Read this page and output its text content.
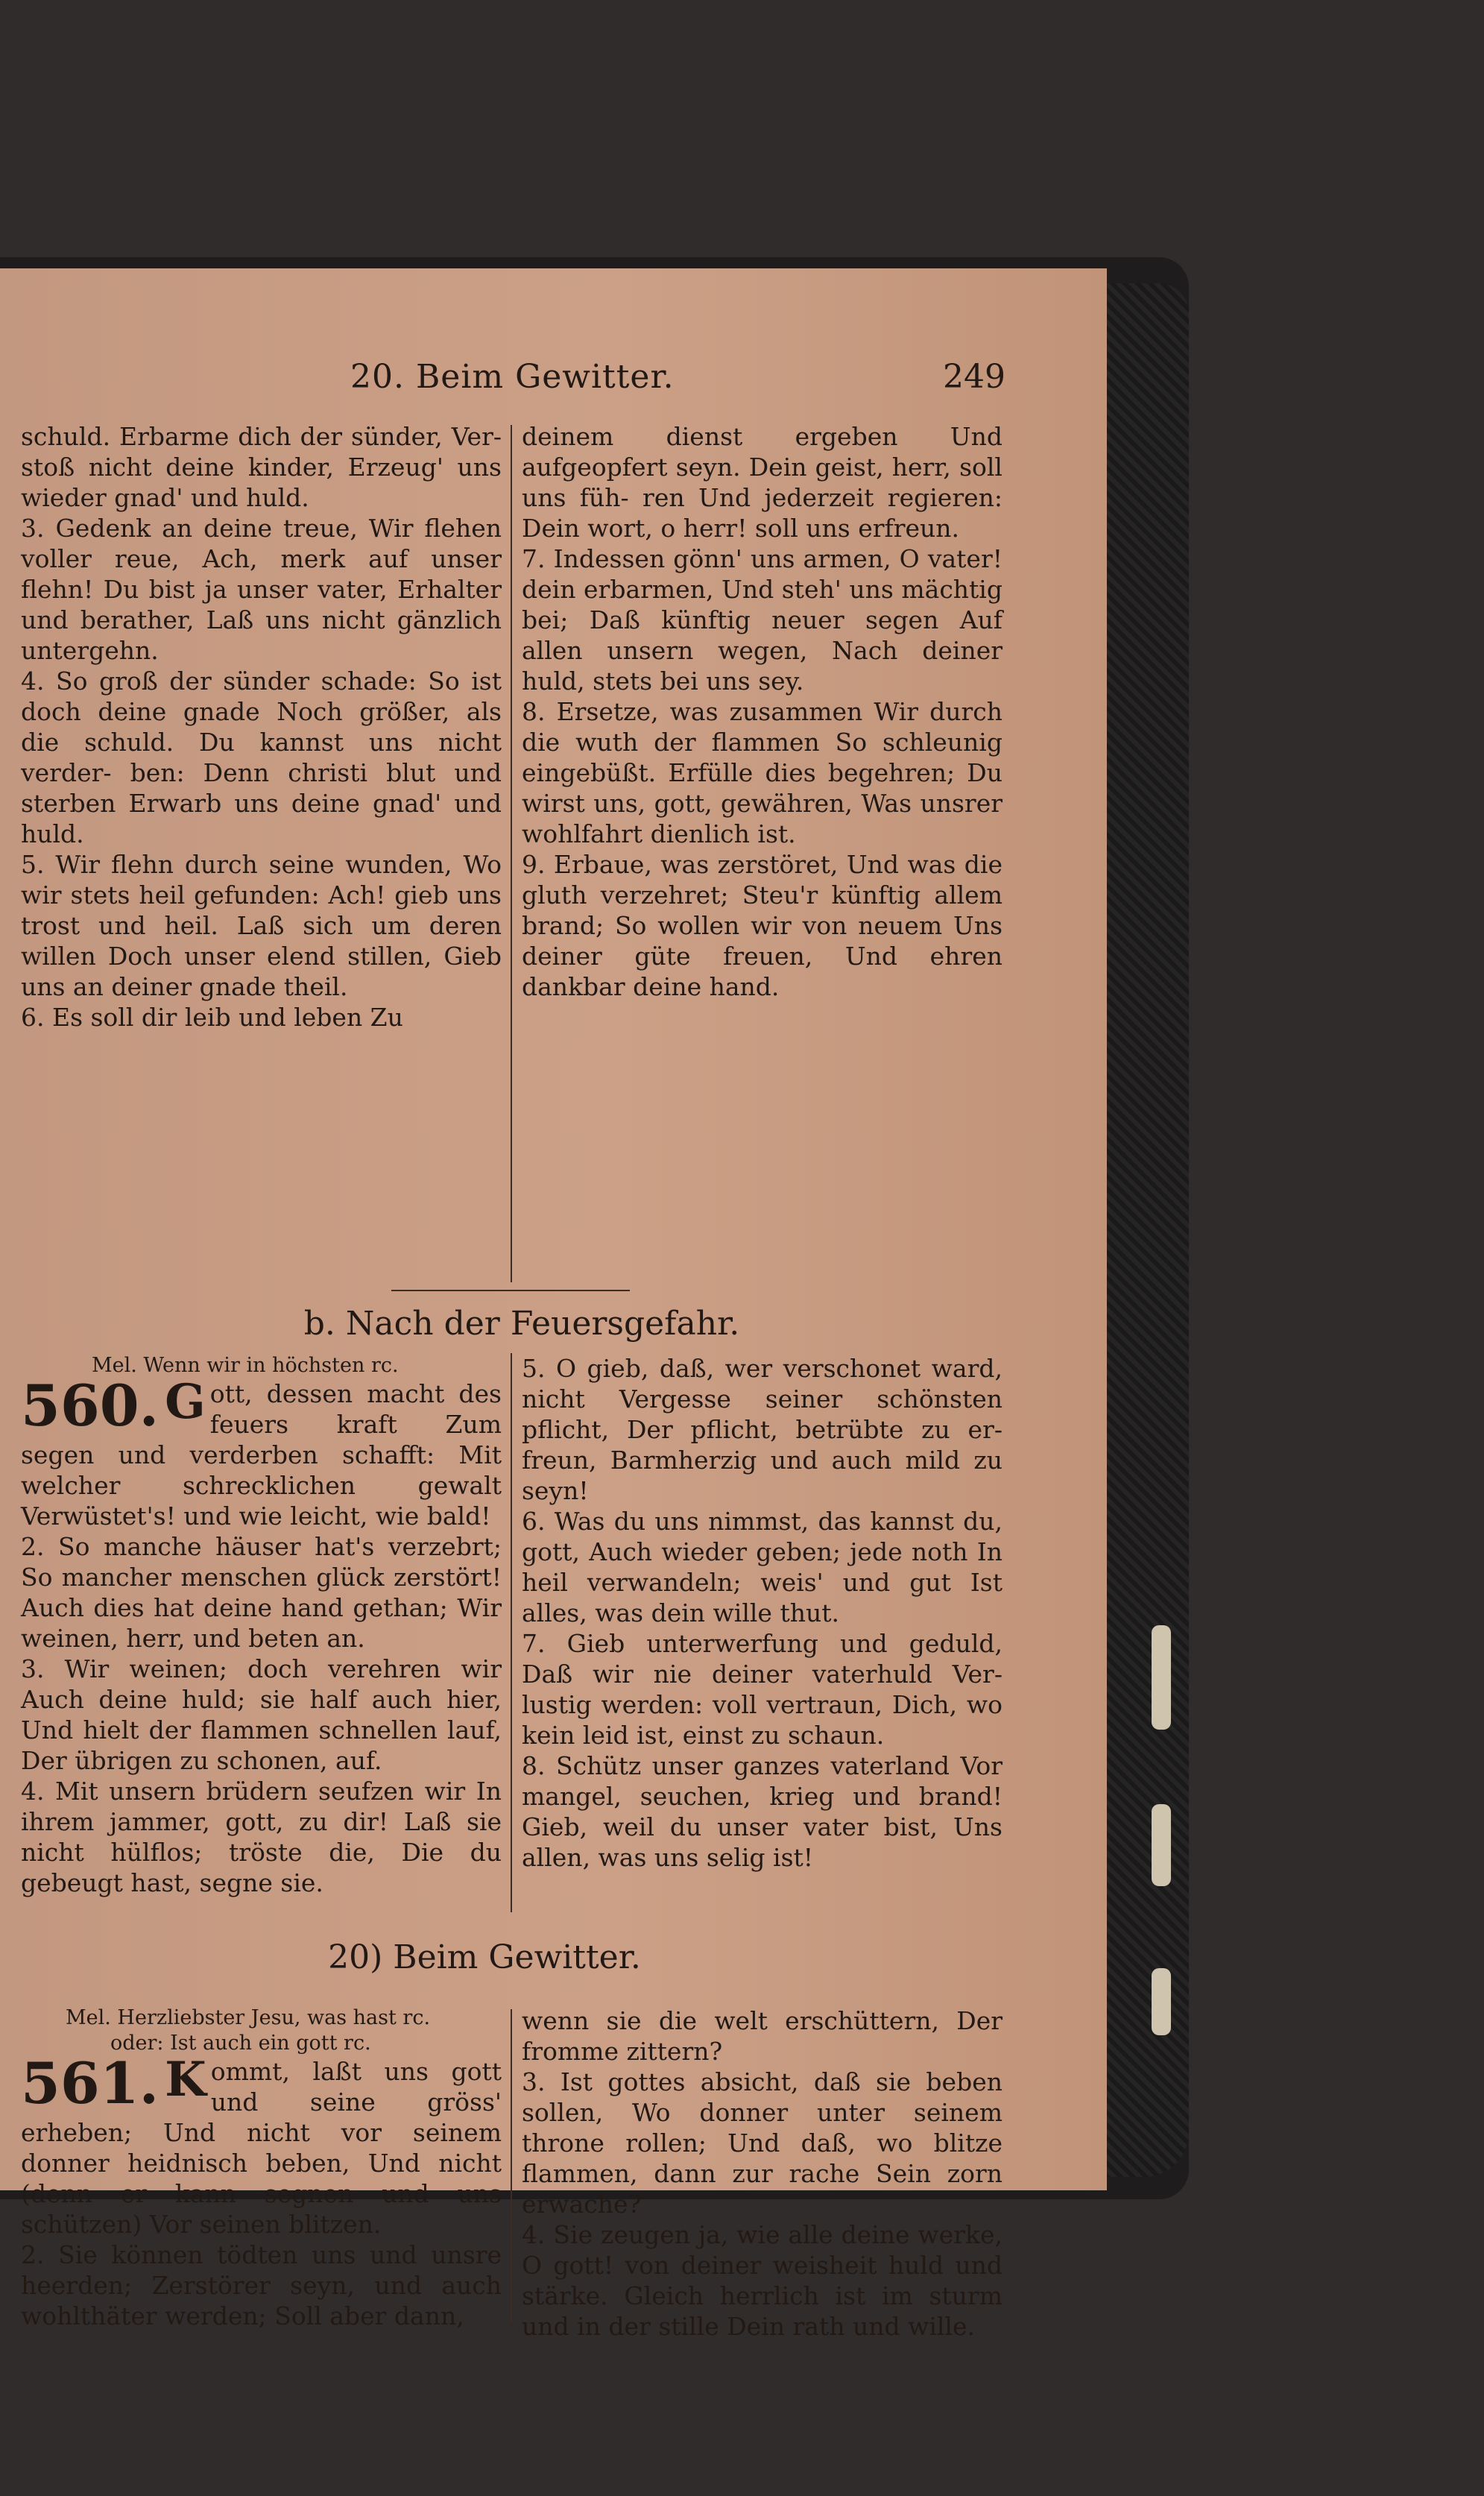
20. Beim Gewitter.	249

schuld. Erbarme dich der sünder, Ver- stoß nicht deine kinder, Erzeug' uns wieder gnad' und huld.

3. Gedenk an deine treue, Wir flehen voller reue, Ach, merk auf unser flehn! Du bist ja unser vater, Erhalter und berather, Laß uns nicht gänzlich untergehn.

4. So groß der sünder schade: So ist doch deine gnade Noch größer, als die schuld. Du kannst uns nicht verder- ben: Denn christi blut und sterben Erwarb uns deine gnad' und huld.

5. Wir flehn durch seine wunden, Wo wir stets heil gefunden: Ach! gieb uns trost und heil. Laß sich um deren willen Doch unser elend stillen, Gieb uns an deiner gnade theil.

6. Es soll dir leib und leben Zu

deinem dienst ergeben Und aufgeopfert seyn. Dein geist, herr, soll uns füh- ren Und jederzeit regieren: Dein wort, o herr! soll uns erfreun.

7. Indessen gönn' uns armen, O vater! dein erbarmen, Und steh' uns mächtig bei; Daß künftig neuer segen Auf allen unsern wegen, Nach deiner huld, stets bei uns sey.

8. Ersetze, was zusammen Wir durch die wuth der flammen So schleunig eingebüßt. Erfülle dies begehren; Du wirst uns, gott, gewähren, Was unsrer wohlfahrt dienlich ist.

9. Erbaue, was zerstöret, Und was die gluth verzehret; Steu'r künftig allem brand; So wollen wir von neuem Uns deiner güte freuen, Und ehren dankbar deine hand.

b. Nach der Feuersgefahr.

Mel. Wenn wir in höchsten rc.

560. G ott, dessen macht des feuers kraft Zum segen und verderben schafft: Mit welcher schrecklichen gewalt Verwüstet's! und wie leicht, wie bald!

2. So manche häuser hat's verzebrt; So mancher menschen glück zerstört! Auch dies hat deine hand gethan; Wir weinen, herr, und beten an.

3. Wir weinen; doch verehren wir Auch deine huld; sie half auch hier, Und hielt der flammen schnellen lauf, Der übrigen zu schonen, auf.

4. Mit unsern brüdern seufzen wir In ihrem jammer, gott, zu dir! Laß sie nicht hülflos; tröste die, Die du gebeugt hast, segne sie.

5. O gieb, daß, wer verschonet ward, nicht Vergesse seiner schönsten pflicht, Der pflicht, betrübte zu er- freun, Barmherzig und auch mild zu seyn!

6. Was du uns nimmst, das kannst du, gott, Auch wieder geben; jede noth In heil verwandeln; weis' und gut Ist alles, was dein wille thut.

7. Gieb unterwerfung und geduld, Daß wir nie deiner vaterhuld Ver- lustig werden: voll vertraun, Dich, wo kein leid ist, einst zu schaun.

8. Schütz unser ganzes vaterland Vor mangel, seuchen, krieg und brand! Gieb, weil du unser vater bist, Uns allen, was uns selig ist!

20) Beim Gewitter.

Mel. Herzliebster Jesu, was hast rc.

oder: Ist auch ein gott rc.

561. K ommt, laßt uns gott und seine gröss' erheben; Und nicht vor seinem donner heidnisch beben, Und nicht (denn er kann segnen und uns schützen) Vor seinen blitzen.

2. Sie können tödten uns und unsre heerden; Zerstörer seyn, und auch wohlthäter werden; Soll aber dann,

wenn sie die welt erschüttern, Der fromme zittern?

3. Ist gottes absicht, daß sie beben sollen, Wo donner unter seinem throne rollen; Und daß, wo blitze flammen, dann zur rache Sein zorn erwache?

4. Sie zeugen ja, wie alle deine werke, O gott! von deiner weisheit huld und stärke. Gleich herrlich ist im sturm und in der stille Dein rath und wille.
